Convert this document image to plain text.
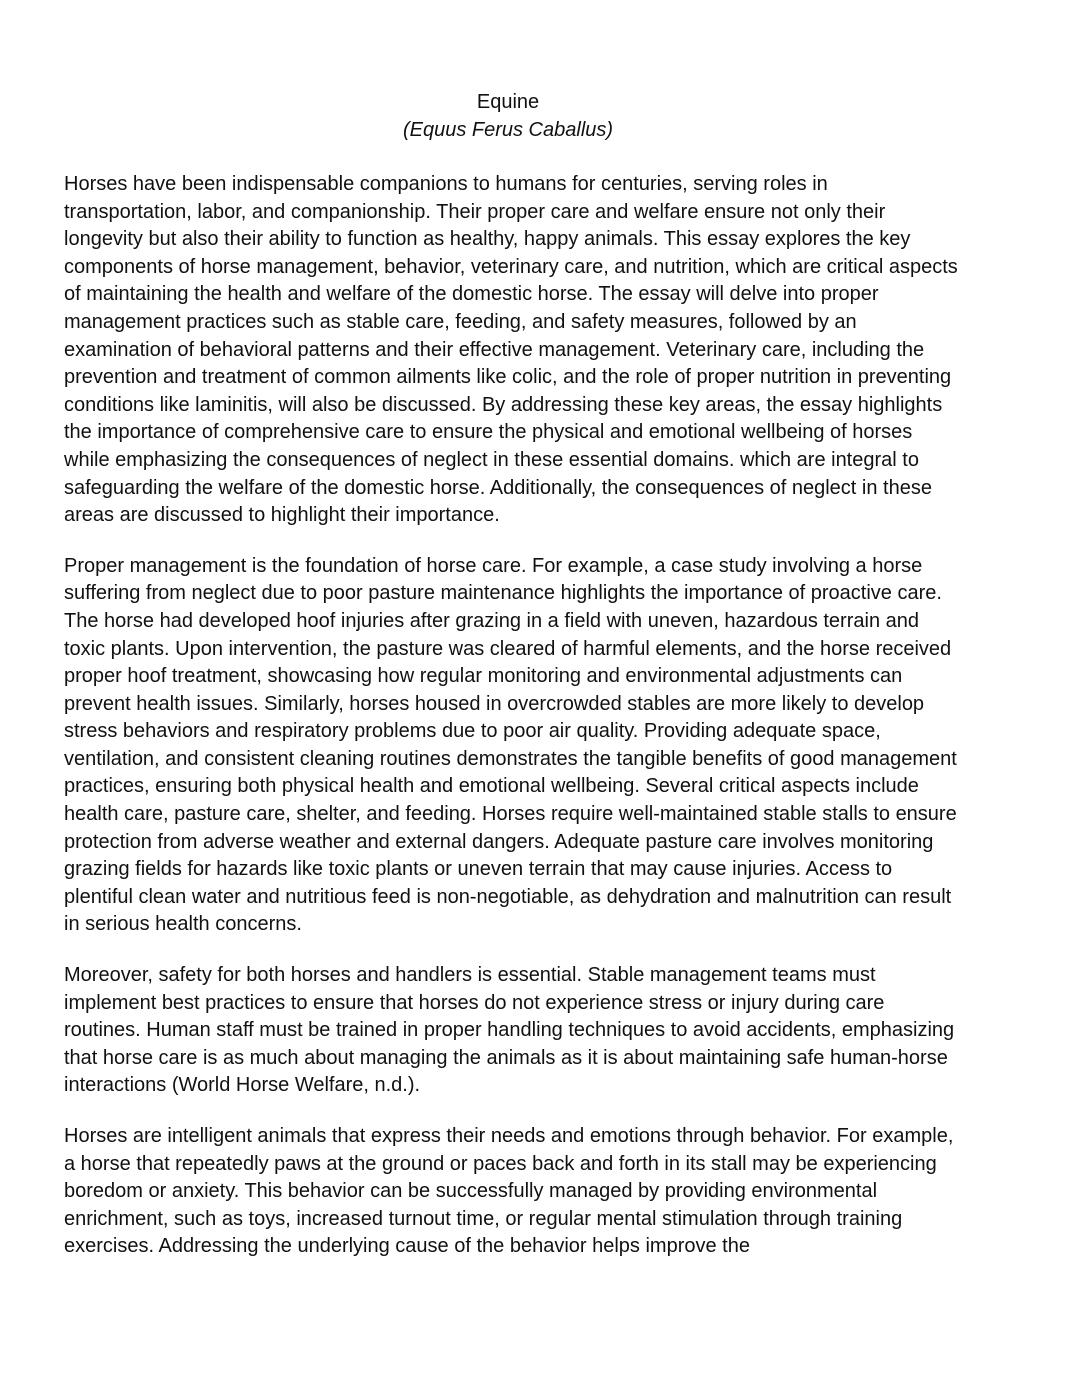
Equine
(Equus Ferus Caballus)

Horses have been indispensable companions to humans for centuries, serving roles in transportation, labor, and companionship. Their proper care and welfare ensure not only their longevity but also their ability to function as healthy, happy animals. This essay explores the key components of horse management, behavior, veterinary care, and nutrition, which are critical aspects of maintaining the health and welfare of the domestic horse. The essay will delve into proper management practices such as stable care, feeding, and safety measures, followed by an examination of behavioral patterns and their effective management. Veterinary care, including the prevention and treatment of common ailments like colic, and the role of proper nutrition in preventing conditions like laminitis, will also be discussed. By addressing these key areas, the essay highlights the importance of comprehensive care to ensure the physical and emotional wellbeing of horses while emphasizing the consequences of neglect in these essential domains. which are integral to safeguarding the welfare of the domestic horse. Additionally, the consequences of neglect in these areas are discussed to highlight their importance.

Proper management is the foundation of horse care. For example, a case study involving a horse suffering from neglect due to poor pasture maintenance highlights the importance of proactive care. The horse had developed hoof injuries after grazing in a field with uneven, hazardous terrain and toxic plants. Upon intervention, the pasture was cleared of harmful elements, and the horse received proper hoof treatment, showcasing how regular monitoring and environmental adjustments can prevent health issues. Similarly, horses housed in overcrowded stables are more likely to develop stress behaviors and respiratory problems due to poor air quality. Providing adequate space, ventilation, and consistent cleaning routines demonstrates the tangible benefits of good management practices, ensuring both physical health and emotional wellbeing. Several critical aspects include health care, pasture care, shelter, and feeding. Horses require well-maintained stable stalls to ensure protection from adverse weather and external dangers. Adequate pasture care involves monitoring grazing fields for hazards like toxic plants or uneven terrain that may cause injuries. Access to plentiful clean water and nutritious feed is non-negotiable, as dehydration and malnutrition can result in serious health concerns.

Moreover, safety for both horses and handlers is essential. Stable management teams must implement best practices to ensure that horses do not experience stress or injury during care routines. Human staff must be trained in proper handling techniques to avoid accidents, emphasizing that horse care is as much about managing the animals as it is about maintaining safe human-horse interactions (World Horse Welfare, n.d.).

Horses are intelligent animals that express their needs and emotions through behavior. For example, a horse that repeatedly paws at the ground or paces back and forth in its stall may be experiencing boredom or anxiety. This behavior can be successfully managed by providing environmental enrichment, such as toys, increased turnout time, or regular mental stimulation through training exercises. Addressing the underlying cause of the behavior helps improve the
